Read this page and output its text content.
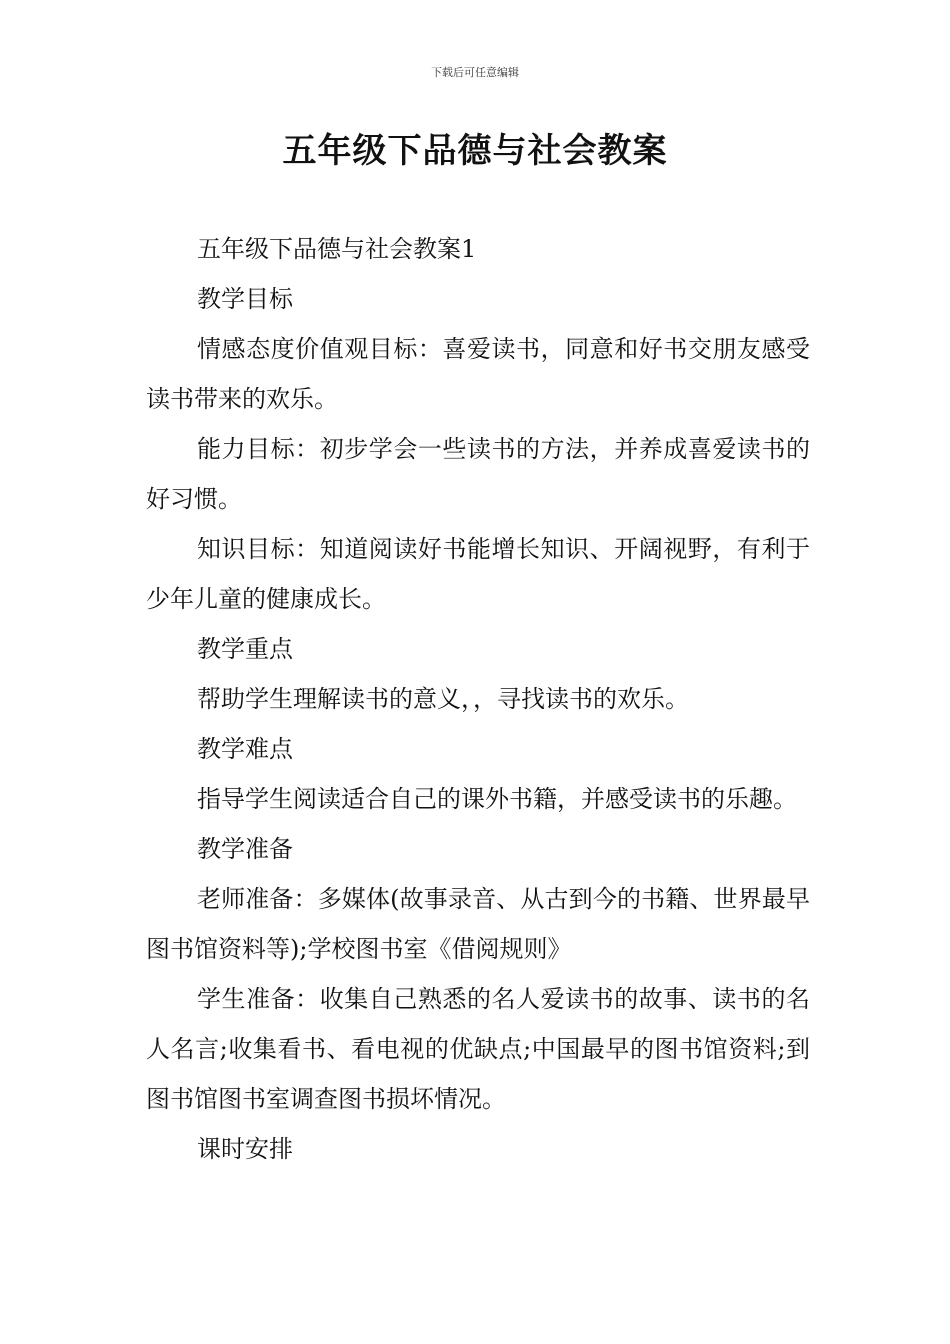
下载后可任意编辑
五年级下品德与社会教案

五年级下品德与社会教案1

教学目标

情感态度价值观目标：喜爱读书，同意和好书交朋友感受读书带来的欢乐。

能力目标：初步学会一些读书的方法，并养成喜爱读书的好习惯。

知识目标：知道阅读好书能增长知识、开阔视野，有利于少年儿童的健康成长。

教学重点

帮助学生理解读书的意义，，寻找读书的欢乐。

教学难点

指导学生阅读适合自己的课外书籍，并感受读书的乐趣。

教学准备

老师准备：多媒体(故事录音、从古到今的书籍、世界最早图书馆资料等);学校图书室《借阅规则》

学生准备：收集自己熟悉的名人爱读书的故事、读书的名人名言;收集看书、看电视的优缺点;中国最早的图书馆资料;到图书馆图书室调查图书损坏情况。

课时安排
